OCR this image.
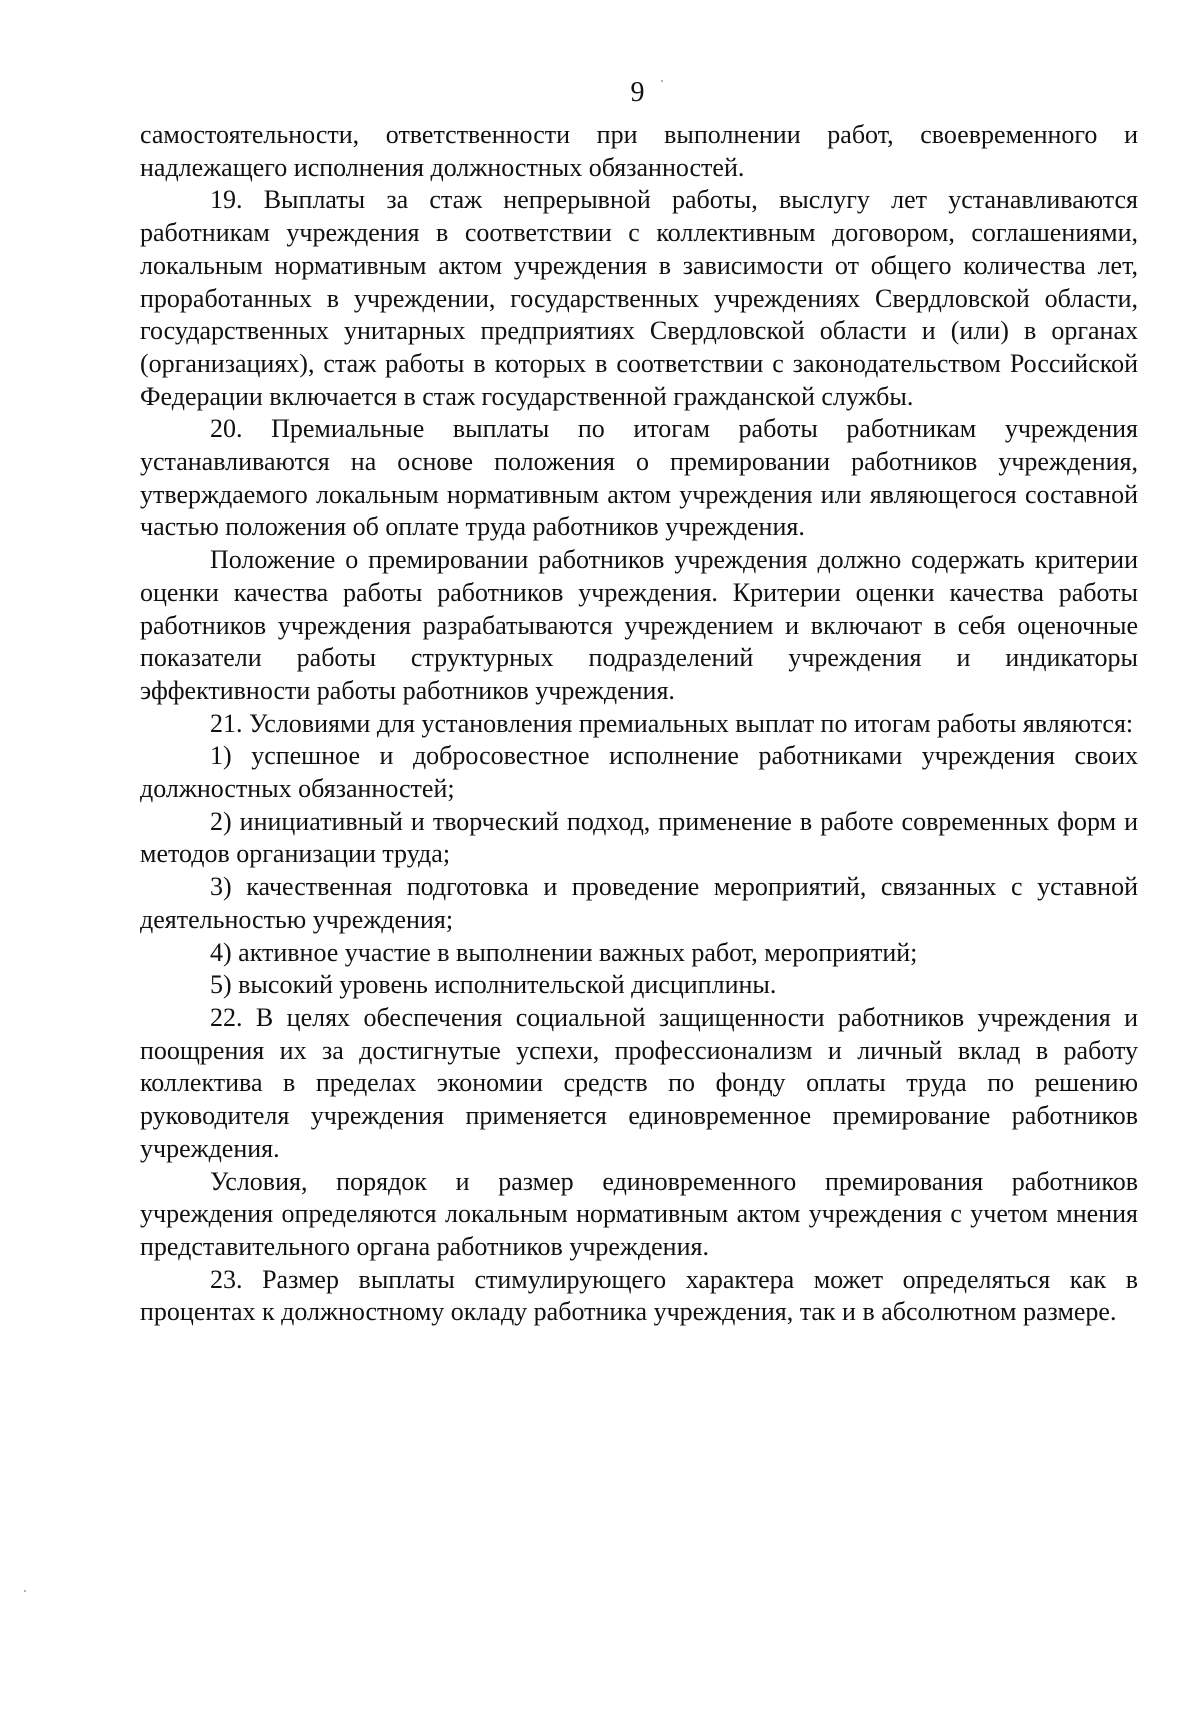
9

самостоятельности, ответственности при выполнении работ, своевременного и надлежащего исполнения должностных обязанностей.

19. Выплаты за стаж непрерывной работы, выслугу лет устанавливаются работникам учреждения в соответствии с коллективным договором, соглашениями, локальным нормативным актом учреждения в зависимости от общего количества лет, проработанных в учреждении, государственных учреждениях Свердловской области, государственных унитарных предприятиях Свердловской области и (или) в органах (организациях), стаж работы в которых в соответствии с законодательством Российской Федерации включается в стаж государственной гражданской службы.

20. Премиальные выплаты по итогам работы работникам учреждения устанавливаются на основе положения о премировании работников учреждения, утверждаемого локальным нормативным актом учреждения или являющегося составной частью положения об оплате труда работников учреждения.

Положение о премировании работников учреждения должно содержать критерии оценки качества работы работников учреждения. Критерии оценки качества работы работников учреждения разрабатываются учреждением и включают в себя оценочные показатели работы структурных подразделений учреждения и индикаторы эффективности работы работников учреждения.

21. Условиями для установления премиальных выплат по итогам работы являются:

1) успешное и добросовестное исполнение работниками учреждения своих должностных обязанностей;

2) инициативный и творческий подход, применение в работе современных форм и методов организации труда;

3) качественная подготовка и проведение мероприятий, связанных с уставной деятельностью учреждения;

4) активное участие в выполнении важных работ, мероприятий;

5) высокий уровень исполнительской дисциплины.

22. В целях обеспечения социальной защищенности работников учреждения и поощрения их за достигнутые успехи, профессионализм и личный вклад в работу коллектива в пределах экономии средств по фонду оплаты труда по решению руководителя учреждения применяется единовременное премирование работников учреждения.

Условия, порядок и размер единовременного премирования работников учреждения определяются локальным нормативным актом учреждения с учетом мнения представительного органа работников учреждения.

23. Размер выплаты стимулирующего характера может определяться как в процентах к должностному окладу работника учреждения, так и в абсолютном размере.
